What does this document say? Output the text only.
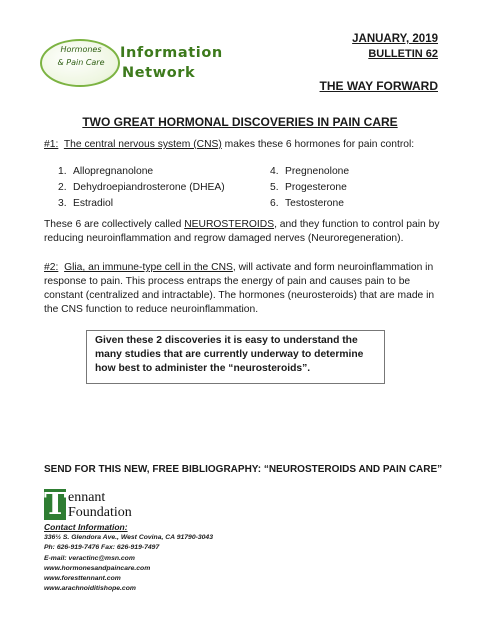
Hormones
& Pain Care
Information
Network
JANUARY, 2019
BULLETIN 62
THE WAY FORWARD
TWO GREAT HORMONAL DISCOVERIES IN PAIN CARE
#1: The central nervous system (CNS) makes these 6 hormones for pain control:
1. Allopregnanolone
2. Dehydroepiandrosterone (DHEA)
3. Estradiol
4. Pregnenolone
5. Progesterone
6. Testosterone
These 6 are collectively called NEUROSTEROIDS, and they function to control pain by reducing neuroinflammation and regrow damaged nerves (Neuroregeneration).
#2: Glia, an immune-type cell in the CNS, will activate and form neuroinflammation in response to pain. This process entraps the energy of pain and causes pain to be constant (centralized and intractable). The hormones (neurosteroids) that are made in the CNS function to reduce neuroinflammation.
Given these 2 discoveries it is easy to understand the many studies that are currently underway to determine how best to administer the “neurosteroids”.
SEND FOR THIS NEW, FREE BIBLIOGRAPHY: “NEUROSTEROIDS AND PAIN CARE”
T ennant
Foundation
Contact Information:
336½ S. Glendora Ave., West Covina, CA 91790-3043
Ph: 626-919-7476 Fax: 626-919-7497
E-mail: veractinc@msn.com
www.hormonesandpaincare.com
www.foresttennant.com
www.arachnoiditishope.com
